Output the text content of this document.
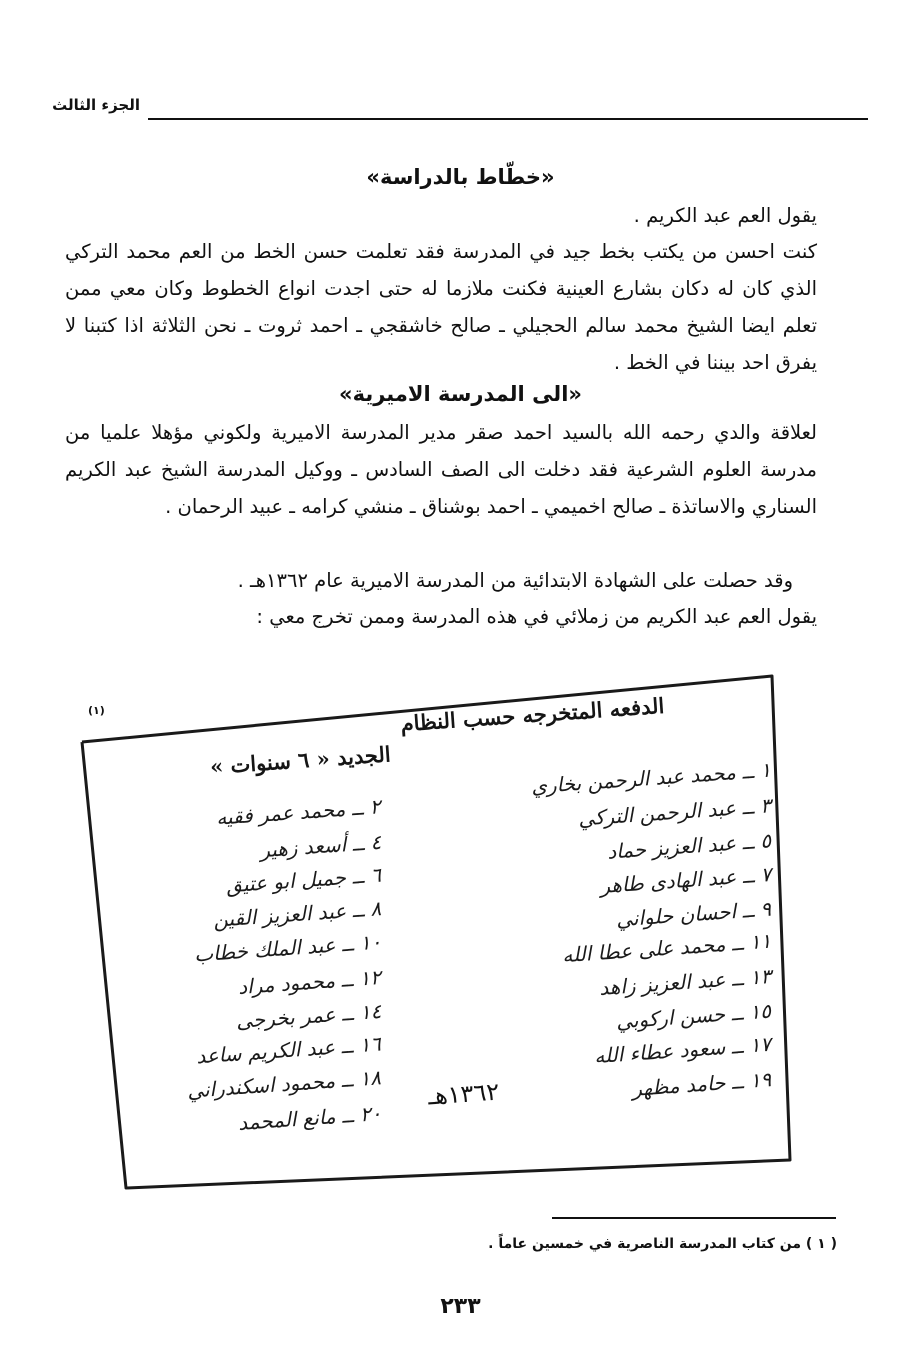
الجزء الثالث
«خطّاط بالدراسة»
يقول العم عبد الكريم .
كنت احسن من يكتب بخط جيد في المدرسة فقد تعلمت حسن الخط من العم محمد التركي الذي كان له دكان بشارع العينية فكنت ملازما له حتى اجدت انواع الخطوط وكان معي ممن تعلم ايضا الشيخ محمد سالم الحجيلي ـ صالح خاشقجي ـ احمد ثروت ـ نحن الثلاثة اذا كتبنا لا يفرق احد بيننا في الخط .
«الى المدرسة الاميرية»
لعلاقة والدي رحمه الله بالسيد احمد صقر مدير المدرسة الاميرية ولكوني مؤهلا علميا من مدرسة العلوم الشرعية فقد دخلت الى الصف السادس ـ ووكيل المدرسة الشيخ عبد الكريم السناري والاساتذة ـ صالح اخميمي ـ احمد بوشناق ـ منشي كرامه ـ عبيد الرحمان .
وقد حصلت على الشهادة الابتدائية من المدرسة الاميرية عام ١٣٦٢هـ .
يقول العم عبد الكريم من زملائي في هذه المدرسة وممن تخرج معي :
(١)	الدفعه المتخرجه حسب النظام
الجديد « ٦ سنوات »
١ ــ محمد عبد الرحمن بخاري
٣ ــ عبد الرحمن التركي
٥ ــ عبد العزيز حماد
٧ ــ عبد الهادى طاهر
٩ ــ احسان حلواني
١١ ــ محمد على عطا الله
١٣ ــ عبد العزيز زاهد
١٥ ــ حسن اركوبي
١٧ ــ سعود عطاء الله
١٩ ــ حامد مظهر
٢ ــ محمد عمر فقيه
٤ ــ أسعد زهير
٦ ــ جميل ابو عتيق
٨ ــ عبد العزيز القين
١٠ ــ عبد الملك خطاب
١٢ ــ محمود مراد
١٤ ــ عمر بخرجى
١٦ ــ عبد الكريم ساعد
١٨ ــ محمود اسكندراني
٢٠ ــ مانع المحمد
١٣٦٢هـ
( ١ ) من كتاب المدرسة الناصرية في خمسين عاماً .
٢٣٣
